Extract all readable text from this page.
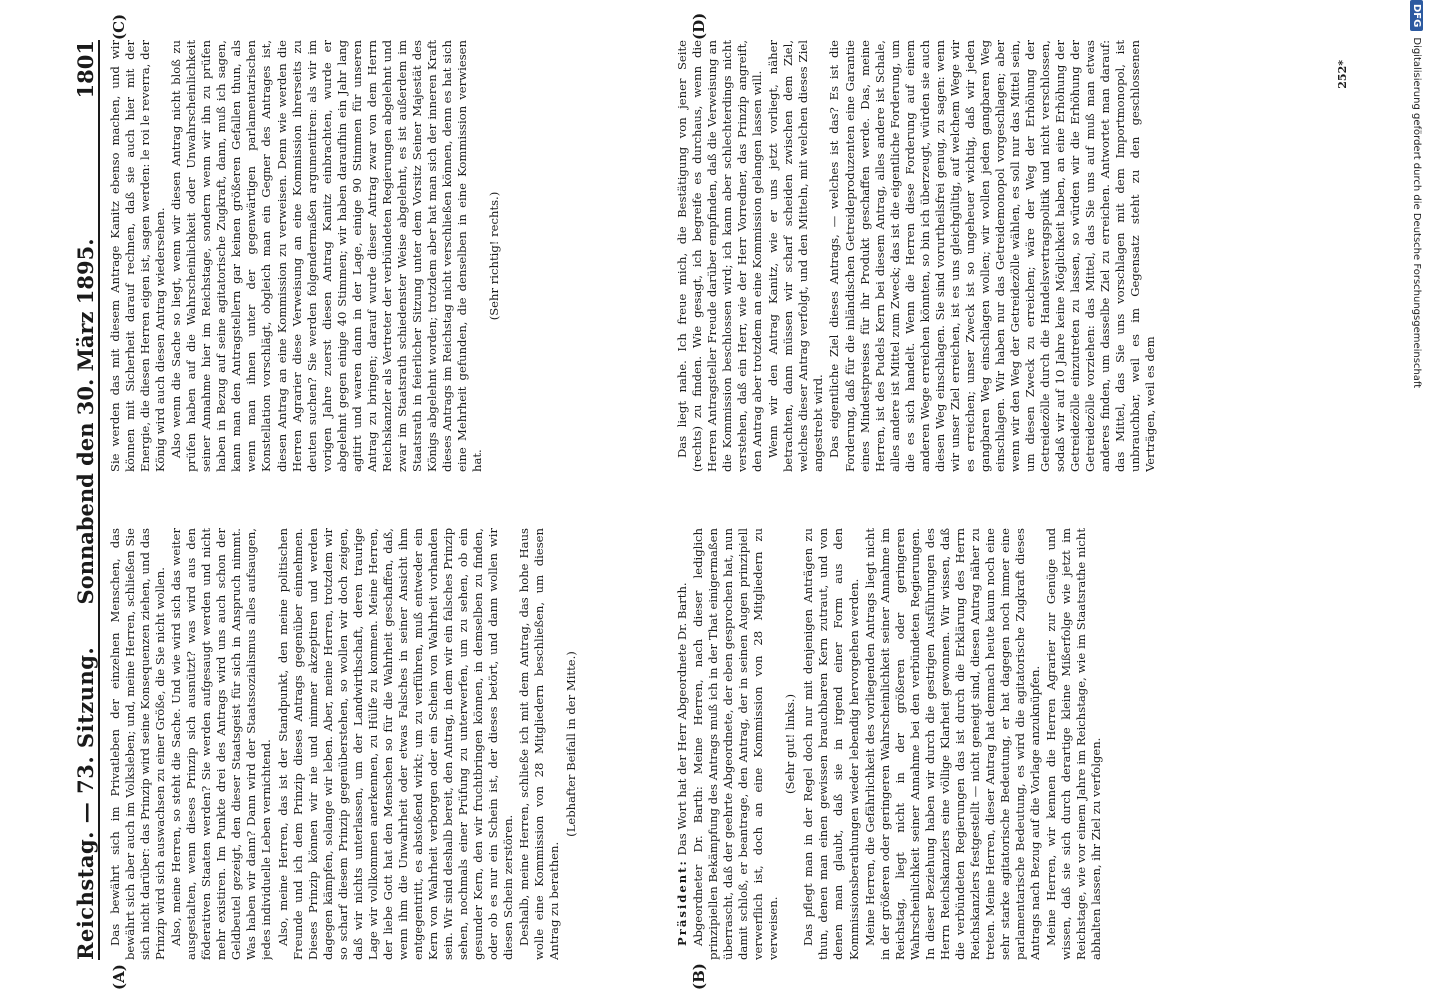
Reichstag. — 73. Sitzung.
Sonnabend den 30. März 1895.
1801
(A)	(B)
(C)	(D)

Das bewährt sich im Privatleben der einzelnen Menschen, das bewährt sich aber auch im Volksleben; und, meine Herren, schließen Sie sich nicht darüber: das Prinzip wird seine Konsequenzen ziehen, und das Prinzip wird sich auswachsen zu einer Größe, die Sie nicht wollen. Also, meine Herren, so steht die Sache. Und wie wird sich das weiter ausgestalten, wenn dieses Prinzip sich ausnützt? was wird aus den föderativen Staaten werden? Sie werden aufgesaugt werden und nicht mehr existiren. Im Punkte drei des Antrags wird uns auch schon der Geldbeutel gezeigt, den dieser Staatsgeist für sich in Anspruch nimmt. Was haben wir dann? Dann wird der Staatssozialismus alles aufsaugen, jedes individuelle Leben vernichtend. Also, meine Herren, das ist der Standpunkt, den meine politischen Freunde und ich dem Prinzip dieses Antrags gegenüber einnehmen. Dieses Prinzip können wir nie und nimmer akzeptiren und werden dagegen kämpfen, solange wir leben. Aber, meine Herren, trotzdem wir so scharf diesem Prinzip gegenüberstehen, so wollen wir doch zeigen, daß wir nichts unterlassen, um der Landwirthschaft, deren traurige Lage wir vollkommen anerkennen, zu Hülfe zu kommen. Meine Herren, der liebe Gott hat den Menschen so für die Wahrheit geschaffen, daß, wenn ihm die Unwahrheit oder etwas Falsches in seiner Ansicht ihm entgegentritt, es abstoßend wirkt; um zu verführen, muß entweder ein Kern von Wahrheit verborgen oder ein Schein von Wahrheit vorhanden sein. Wir sind deshalb bereit, den Antrag, in dem wir ein falsches Prinzip sehen, nochmals einer Prüfung zu unterwerfen, um zu sehen, ob ein gesunder Kern, den wir fruchtbringen können, in demselben zu finden, oder ob es nur ein Schein ist, der dieses betört, und dann wollen wir diesen Schein zerstören. Deshalb, meine Herren, schließe ich mit dem Antrag, das hohe Haus wolle eine Kommission von 28 Mitgliedern beschließen, um diesen Antrag zu berathen.

(Lebhafter Beifall in der Mitte.)

Sie werden das mit diesem Antrage Kanitz ebenso machen, und wir können mit Sicherheit darauf rechnen, daß sie auch hier mit der Energie, die diesen Herren eigen ist, sagen werden: le roi le reverra, der König wird auch diesen Antrag wiedersehen. Also wenn die Sache so liegt, wenn wir diesen Antrag nicht bloß zu prüfen haben auf die Wahrscheinlichkeit oder Unwahrscheinlichkeit seiner Annahme hier im Reichstage, sondern wenn wir ihn zu prüfen haben in Bezug auf seine agitatorische Zugkraft, dann, muß ich sagen, kann man den Antragstellern gar keinen größeren Gefallen thun, als wenn man ihnen unter der gegenwärtigen parlamentarischen Konstellation vorschlägt, obgleich man ein Gegner des Antrages ist, diesen Antrag an eine Kommission zu verweisen. Denn wie werden die Herren Agrarier diese Verweisung an eine Kommission ihrerseits zu deuten suchen? Sie werden folgendermaßen argumentiren: als wir im vorigen Jahre zuerst diesen Antrag Kanitz einbrachten, wurde er abgelehnt gegen einige 40 Stimmen; wir haben daraufhin ein Jahr lang agitirt und waren dann in der Lage, einige 90 Stimmen für unseren Antrag zu bringen; darauf wurde dieser Antrag zwar von dem Herrn Reichskanzler als Vertreter der verbündeten Regierungen abgelehnt und zwar im Staatsrath schiedenster Weise abgelehnt, es ist außerdem im Staatsrath in feierlicher Sitzung unter dem Vorsitz Seiner Majestät des Königs abgelehnt worden; trotzdem aber hat man sich der inneren Kraft dieses Antrags im Reichstag nicht verschließen können, denn es hat sich eine Mehrheit gefunden, die denselben in eine Kommission verwiesen hat.

(Sehr richtig! rechts.)

Präsident: Das Wort hat der Herr Abgeordnete Dr. Barth.

Abgeordneter Dr. Barth: Meine Herren, nach dieser lediglich prinzipiellen Bekämpfung des Antrags muß ich in der That einigermaßen überrascht, daß der geehrte Abgeordnete, der eben gesprochen hat, nun damit schloß, er beantrage, den Antrag, der in seinen Augen prinzipiell verwerflich ist, doch an eine Kommission von 28 Mitgliedern zu verweisen.

(Sehr gut! links.) Das pflegt man in der Regel doch nur mit denjenigen Anträgen zu thun, denen man einen gewissen brauchbaren Kern zutraut, und von denen man glaubt, daß sie in irgend einer Form aus den Kommissionsberathungen wieder lebendig hervorgehen werden. Meine Herren, die Gefährlichkeit des vorliegenden Antrags liegt nicht in der größeren oder geringeren Wahrscheinlichkeit seiner Annahme im Reichstag, liegt nicht in der größeren oder geringeren Wahrscheinlichkeit seiner Annahme bei den verbündeten Regierungen. In dieser Beziehung haben wir durch die gestrigen Ausführungen des Herrn Reichskanzlers eine völlige Klarheit gewonnen. Wir wissen, daß die verbündeten Regierungen das ist durch die Erklärung des Herrn Reichskanzlers festgestellt — nicht geneigt sind, diesen Antrag näher zu treten. Meine Herren, dieser Antrag hat demnach heute kaum noch eine sehr starke agitatorische Bedeutung, er hat dagegen noch immer eine parlamentarische Bedeutung, es wird die agitatorische Zugkraft dieses Antrags nach Bezug auf die Vorlage anzuknüpfen. Meine Herren, wir kennen die Herren Agrarier zur Genüge und wissen, daß sie sich durch derartige kleine Mißerfolge wie jetzt im Reichstage, wie vor einem Jahre im Reichstage, wie im Staatsrathe nicht abhalten lassen, ihr Ziel zu verfolgen.

Das liegt nahe. Ich freue mich, die Bestätigung von jener Seite (rechts) zu finden. Wie gesagt, ich begreife es durchaus, wenn die Herren Antragsteller Freude darüber empfinden, daß die Verweisung an die Kommission beschlossen wird; ich kann aber schlechterdings nicht verstehen, daß ein Herr, wie der Herr Vorredner, das Prinzip angreift, den Antrag aber trotzdem an eine Kommission gelangen lassen will. Wenn wir den Antrag Kanitz, wie er uns jetzt vorliegt, näher betrachten, dann müssen wir scharf scheiden zwischen dem Ziel, welches dieser Antrag verfolgt, und den Mitteln, mit welchen dieses Ziel angestrebt wird. Das eigentliche Ziel dieses Antrags, — welches ist das? Es ist die Forderung, daß für die inländischen Getreideproduzenten eine Garantie eines Mindestpreises für ihr Produkt geschaffen werde. Das, meine Herren, ist des Pudels Kern bei diesem Antrag, alles andere ist Schale, alles andere ist Mittel zum Zweck; das ist die eigentliche Forderung, um die es sich handelt. Wenn die Herren diese Forderung auf einem anderen Wege erreichen könnten, so bin ich überzeugt, würden sie auch diesen Weg einschlagen. Sie sind vorurtheilsfrei genug, zu sagen: wenn wir unser Ziel erreichen, ist es uns gleichgültig, auf welchem Wege wir es erreichen; unser Zweck ist so ungeheuer wichtig, daß wir jeden gangbaren Weg einschlagen wollen; wir wollen jeden gangbaren Weg einschlagen. Wir haben nur das Getreidemonopol vorgeschlagen; aber wenn wir den Weg der Getreidezölle wählen, es soll nur das Mittel sein, um diesen Zweck zu erreichen; wäre der Weg der Erhöhung der Getreidezölle durch die Handelsvertragspolitik und nicht verschlossen, sodaß wir auf 10 Jahre keine Möglichkeit haben, an eine Erhöhung der Getreidezölle einzutreten zu lassen, so würden wir die Erhöhung der Getreidezölle vorziehen: das Mittel, das Sie uns auf muß man etwas anderes finden, um dasselbe Ziel zu erreichen. Antwortet man darauf: das Mittel, das Sie uns vorschlagen mit dem Importmonopol, ist unbrauchbar, weil es im Gegensatz steht zu den geschlossenen Verträgen, weil es dem

252*
DFG
Digitalisierung gefördert durch die Deutsche Forschungsgemeinschaft
